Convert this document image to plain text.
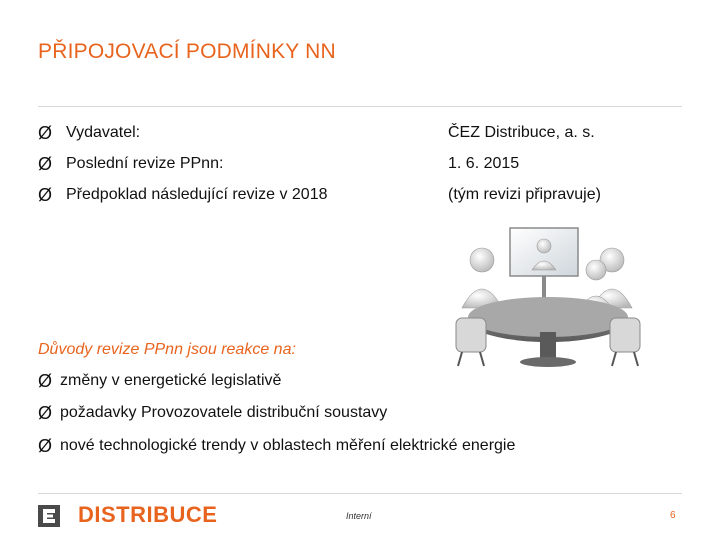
PŘIPOJOVACÍ PODMÍNKY NN
Ø Vydavatel:	ČEZ Distribuce, a. s.
Ø Poslední revize PPnn:	1. 6. 2015
Ø Předpoklad následující revize v 2018	(tým revizi připravuje)
Důvody revize PPnn jsou reakce na:
Ø změny v energetické legislativě
Ø požadavky Provozovatele distribuční soustavy
Ø nové technologické trendy v oblastech měření elektrické energie
DISTRIBUCE	Interní	6
